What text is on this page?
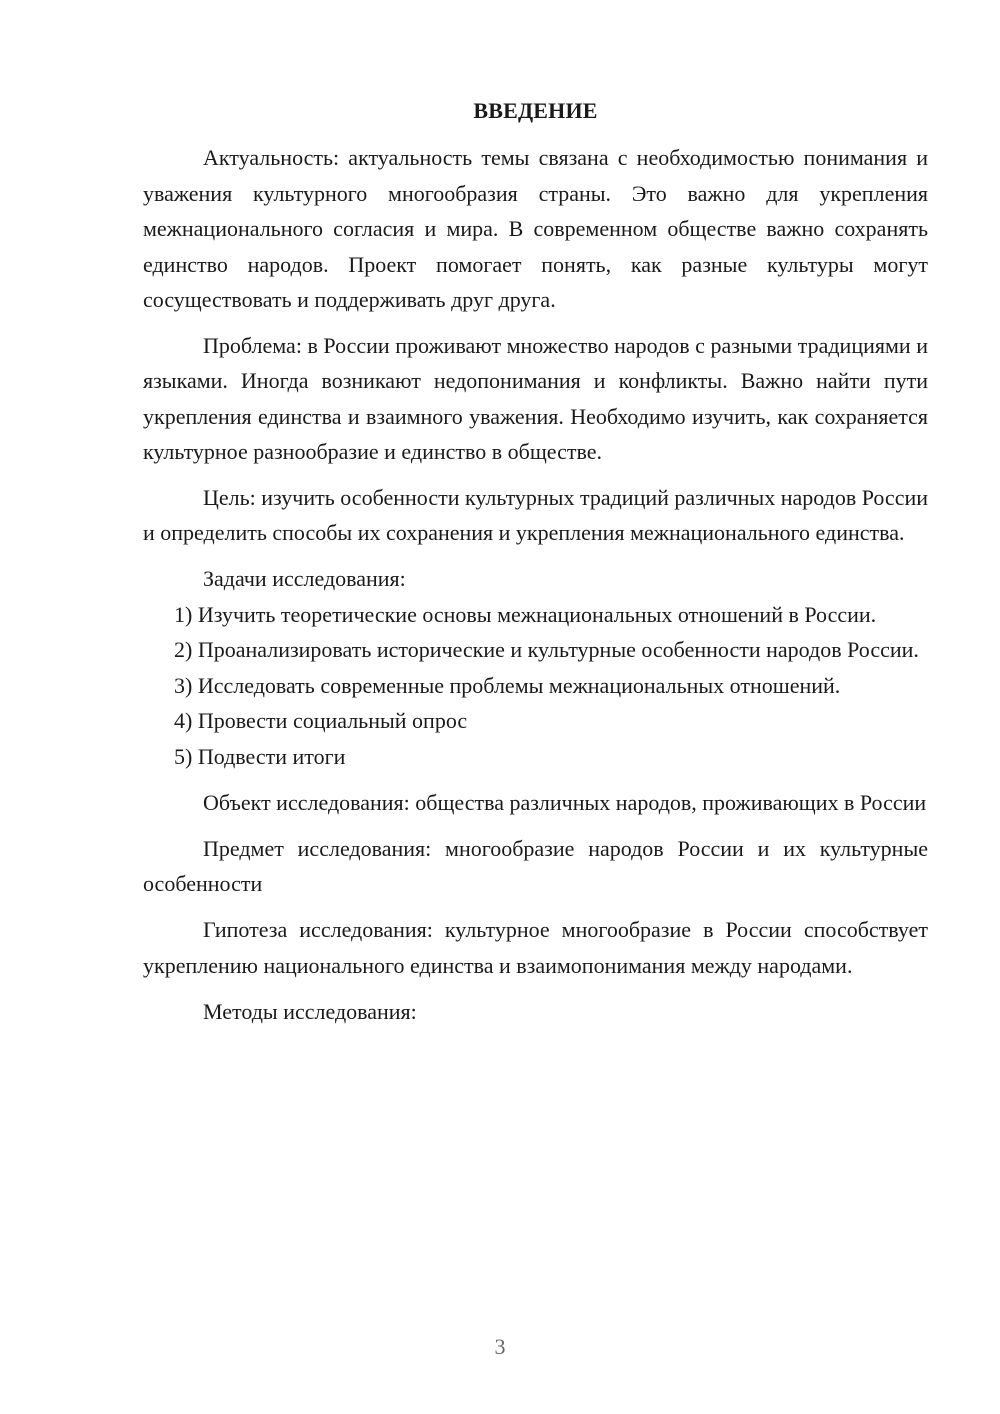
ВВЕДЕНИЕ

Актуальность: актуальность темы связана с необходимостью понимания и уважения культурного многообразия страны. Это важно для укрепления межнационального согласия и мира. В современном обществе важно сохранять единство народов. Проект помогает понять, как разные культуры могут сосуществовать и поддерживать друг друга.

Проблема: в России проживают множество народов с разными традициями и языками. Иногда возникают недопонимания и конфликты. Важно найти пути укрепления единства и взаимного уважения. Необходимо изучить, как сохраняется культурное разнообразие и единство в обществе.

Цель: изучить особенности культурных традиций различных народов России и определить способы их сохранения и укрепления межнационального единства.

Задачи исследования:

1) Изучить теоретические основы межнациональных отношений в России.

2) Проанализировать исторические и культурные особенности народов России.

3) Исследовать современные проблемы межнациональных отношений.

4) Провести социальный опрос

5) Подвести итоги

Объект исследования: общества различных народов, проживающих в России

Предмет исследования: многообразие народов России и их культурные особенности

Гипотеза исследования: культурное многообразие в России способствует укреплению национального единства и взаимопонимания между народами.

Методы исследования:

3
